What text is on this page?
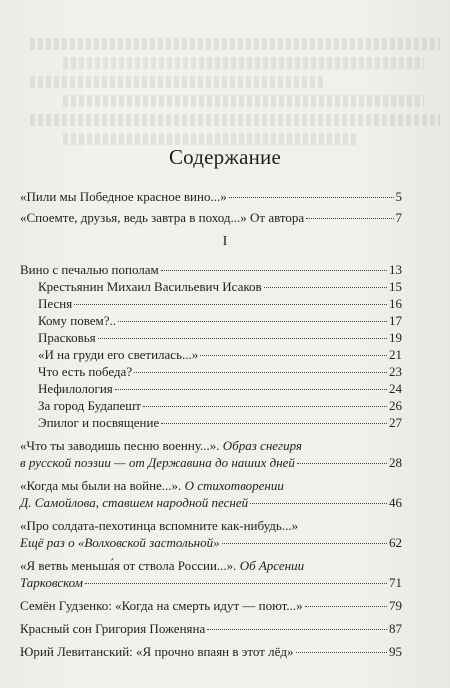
Содержание
«Пили мы Победное красное вино...»	5
«Споемте, друзья, ведь завтра в поход...» От автора	7
I
Вино с печалью пополам	13
Крестьянин Михаил Васильевич Исаков	15
Песня	16
Кому повем?..	17
Прасковья	19
«И на груди его светилась...»	21
Что есть победа?	23
Нефилология	24
За город Будапешт	26
Эпилог и посвящение	27
«Что ты заводишь песню военну...». Образ снегиря
в русской поэзии — от Державина до наших дней	28
«Когда мы были на войне...». О стихотворении
Д. Самойлова, ставшем народной песней	46
«Про солдата-пехотинца вспомните как-нибудь...»
Ещё раз о «Волховской застольной»	62
«Я ветвь меньша́я от ствола России...». Об Арсении
Тарковском	71
Семён Гудзенко: «Когда на смерть идут — поют...»	79
Красный сон Григория Поженяна	87
Юрий Левитанский: «Я прочно впаян в этот лёд»	95
